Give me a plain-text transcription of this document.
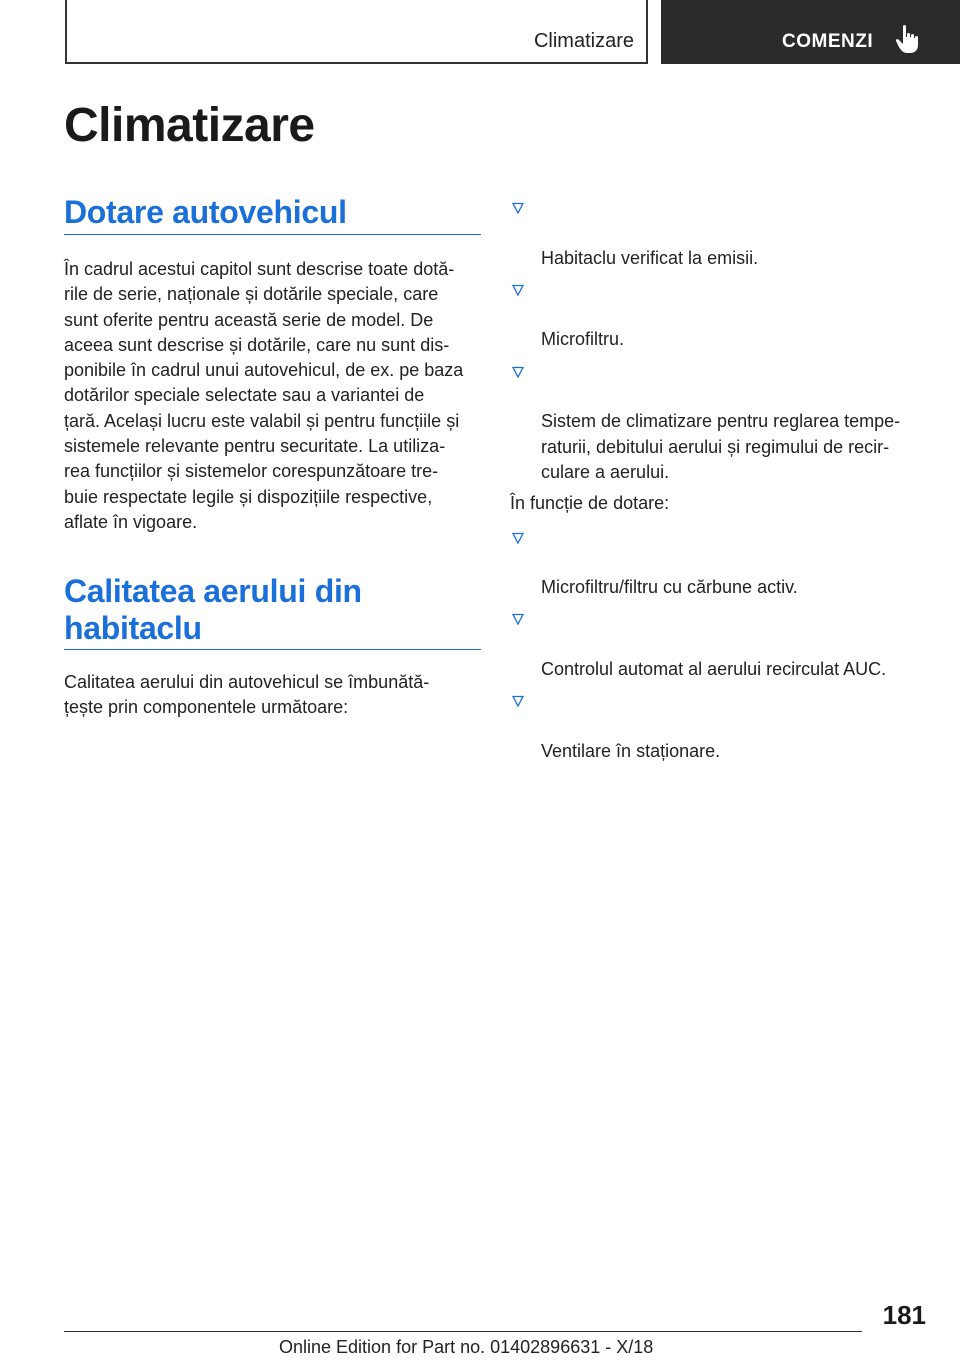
Climatizare	COMENZI
Climatizare
Dotare autovehicul

În cadrul acestui capitol sunt descrise toate dotă-
rile de serie, naționale și dotările speciale, care
sunt oferite pentru această serie de model. De
aceea sunt descrise și dotările, care nu sunt dis-
ponibile în cadrul unui autovehicul, de ex. pe baza
dotărilor speciale selectate sau a variantei de
țară. Același lucru este valabil și pentru funcțiile și
sistemele relevante pentru securitate. La utiliza-
rea funcțiilor și sistemelor corespunzătoare tre-
buie respectate legile și dispozițiile respective,
aflate în vigoare.

Calitatea aerului din
habitaclu

Calitatea aerului din autovehicul se îmbunătă-
țește prin componentele următoare:

Habitaclu verificat la emisii.

Microfiltru.

Sistem de climatizare pentru reglarea tempe-
raturii, debitului aerului și regimului de recir-
culare a aerului.

În funcție de dotare:

Microfiltru/filtru cu cărbune activ.

Controlul automat al aerului recirculat AUC.

Ventilare în staționare.

181
Online Edition for Part no. 01402896631 - X/18
